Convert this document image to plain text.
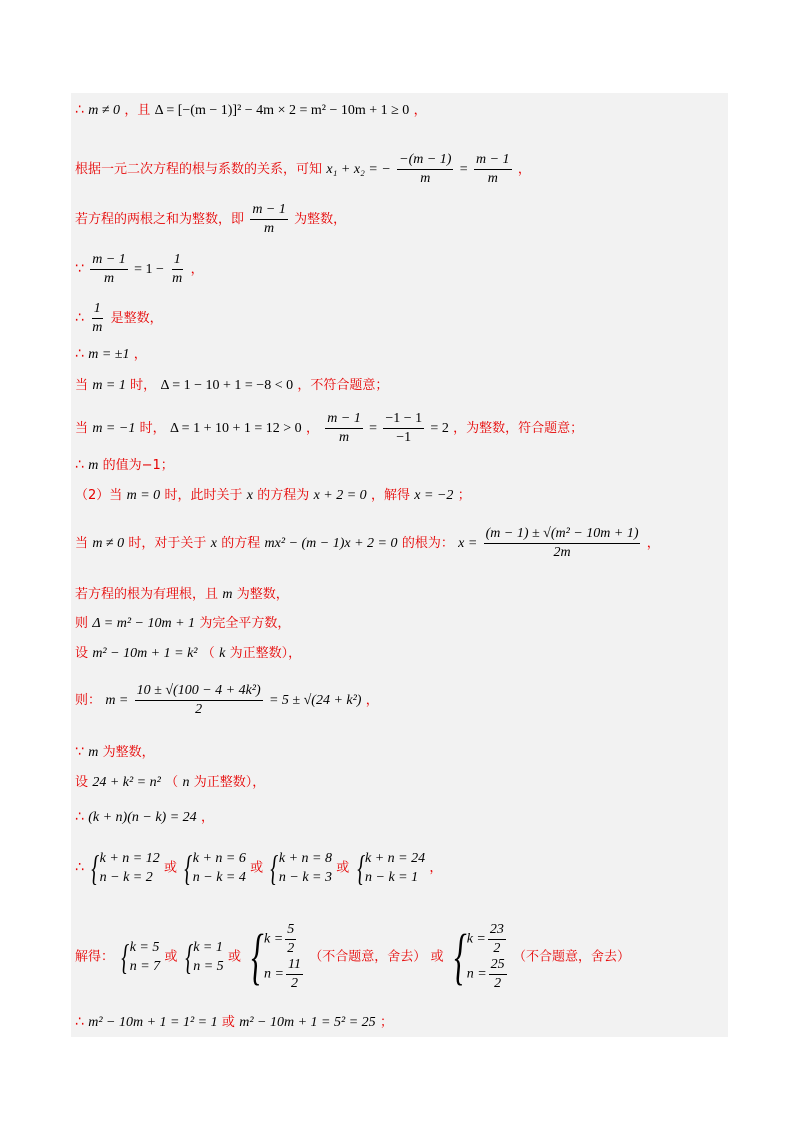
∴ m ≠ 0 ，且 Δ = [−(m − 1)]² − 4m × 2 = m² − 10m + 1 ≥ 0 ，
根据一元二次方程的根与系数的关系，可知 x₁ + x₂ = − $\frac{-(m - 1)}{m} = \frac{m - 1}{m}$ ，
若方程的两根之和为整数，即 $\frac{m - 1}{m}$ 为整数，
∵ $\frac{m - 1}{m} = 1 - \frac{1}{m}$ ，
∴ $\frac{1}{m}$ 是整数，
∴ m = ±1 ，
当 m = 1 时， Δ = 1 − 10 + 1 = −8 < 0 ，不符合题意；
当 m = −1 时， Δ = 1 + 10 + 1 = 12 > 0 ， $\frac{m - 1}{m} = \frac{-1 - 1}{-1} = 2$ ，为整数，符合题意；
∴ m 的值为−1；
（2）当 m = 0 时，此时关于 x 的方程为 x + 2 = 0 ，解得 x = −2 ；
当 m ≠ 0 时，对于关于 x 的方程 mx² − (m − 1)x + 2 = 0 的根为： $x = \frac{\text{(m − 1) ± √(m² − 10m + 1)}}{2m}$ ，
若方程的根为有理根，且 m 为整数，
则 Δ = m² − 10m + 1 为完全平方数，
设 m² − 10m + 1 = k² （ k 为正整数），
则： $m = \frac{\text{10 ± √(100 − 4 + 4k²)}}{2} = 5 \pm √(24 + k^2)$ ，
∵ m 为整数，
设 24 + k² = n² （ n 为正整数），
∴ (k + n)(n − k) = 24 ，
∴ { k + n = 12
n − k = 2
或 { k + n = 6
n − k = 4
或 { k + n = 8
n − k = 3
或 { k + n = 24
n − k = 1
，
解得： { k = 5
n = 7
或 { k = 1
n = 5
或 { $k = \frac{5}{2}$
$n = \frac{11}{2}$ （不合题意，舍去） 或 { $k = \frac{23}{2}$
$n = \frac{25}{2}$ （不合题意，舍去）
∴ m² − 10m + 1 = 1² = 1 或 m² − 10m + 1 = 5² = 25 ；
